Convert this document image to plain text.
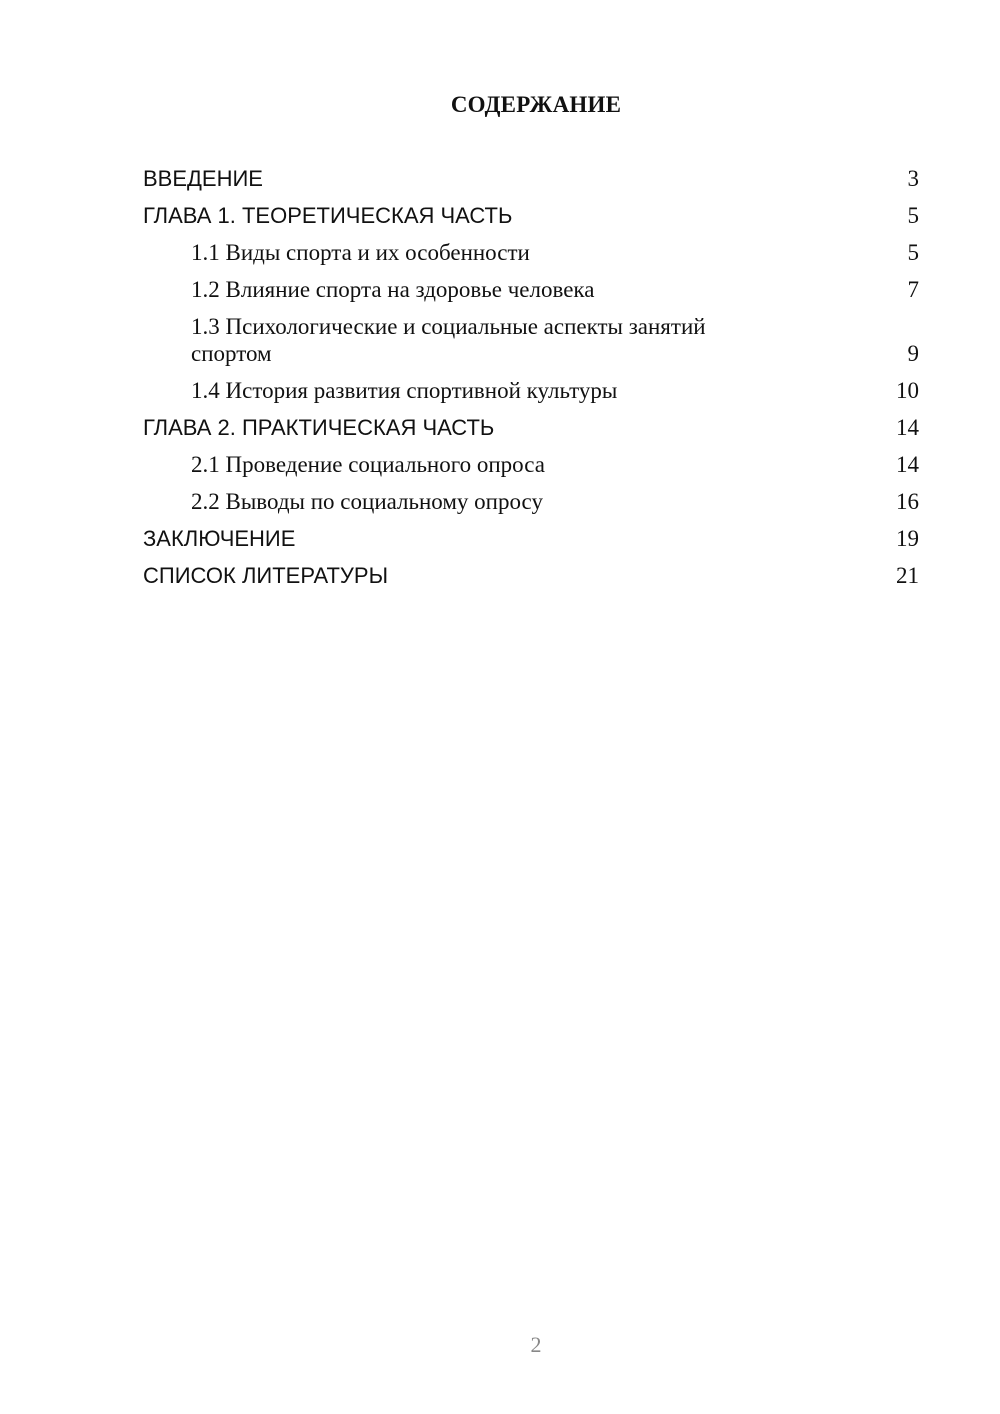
СОДЕРЖАНИЕ
ВВЕДЕНИЕ	3
ГЛАВА 1. ТЕОРЕТИЧЕСКАЯ ЧАСТЬ	5
1.1 Виды спорта и их особенности	5
1.2 Влияние спорта на здоровье человека	7
1.3 Психологические и социальные аспекты занятий спортом	9
1.4 История развития спортивной культуры	10
ГЛАВА 2. ПРАКТИЧЕСКАЯ ЧАСТЬ	14
2.1 Проведение социального опроса	14
2.2 Выводы по социальному опросу	16
ЗАКЛЮЧЕНИЕ	19
СПИСОК ЛИТЕРАТУРЫ	21
2
